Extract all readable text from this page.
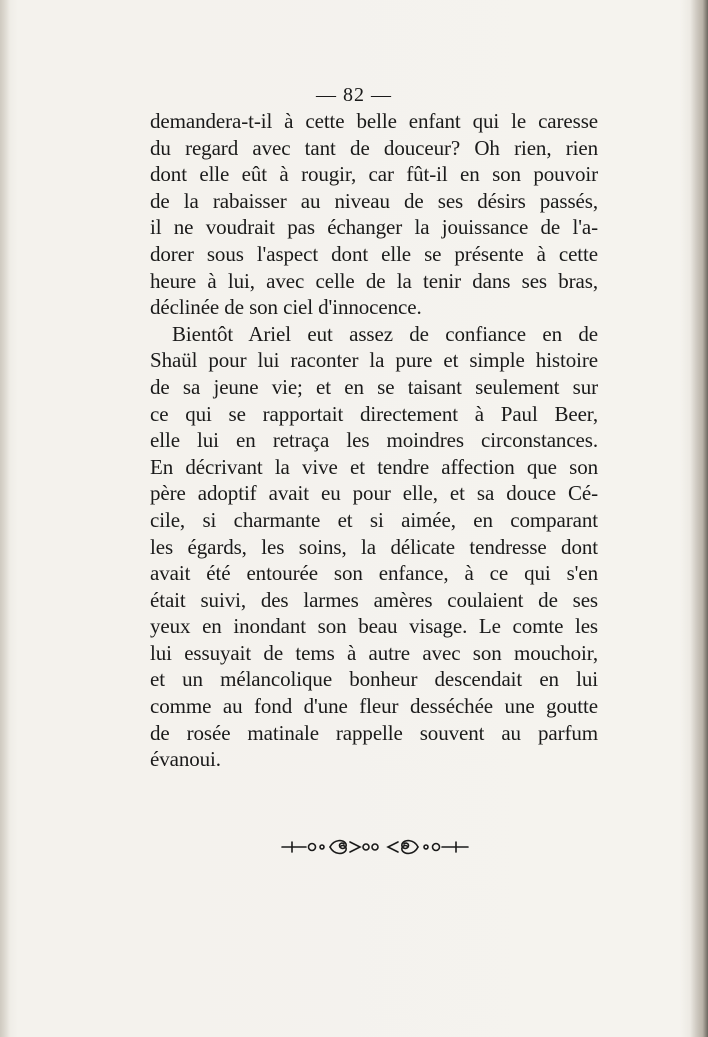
— 82 —
demandera-t-il à cette belle enfant qui le caresse
du regard avec tant de douceur? Oh rien, rien
dont elle eût à rougir, car fût-il en son pouvoir
de la rabaisser au niveau de ses désirs passés,
il ne voudrait pas échanger la jouissance de l'a-
dorer sous l'aspect dont elle se présente à cette
heure à lui, avec celle de la tenir dans ses bras,
déclinée de son ciel d'innocence.
Bientôt Ariel eut assez de confiance en de
Shaül pour lui raconter la pure et simple histoire
de sa jeune vie; et en se taisant seulement sur
ce qui se rapportait directement à Paul Beer,
elle lui en retraça les moindres circonstances.
En décrivant la vive et tendre affection que son
père adoptif avait eu pour elle, et sa douce Cé-
cile, si charmante et si aimée, en comparant
les égards, les soins, la délicate tendresse dont
avait été entourée son enfance, à ce qui s'en
était suivi, des larmes amères coulaient de ses
yeux en inondant son beau visage. Le comte les
lui essuyait de tems à autre avec son mouchoir,
et un mélancolique bonheur descendait en lui
comme au fond d'une fleur desséchée une goutte
de rosée matinale rappelle souvent au parfum
évanoui.
